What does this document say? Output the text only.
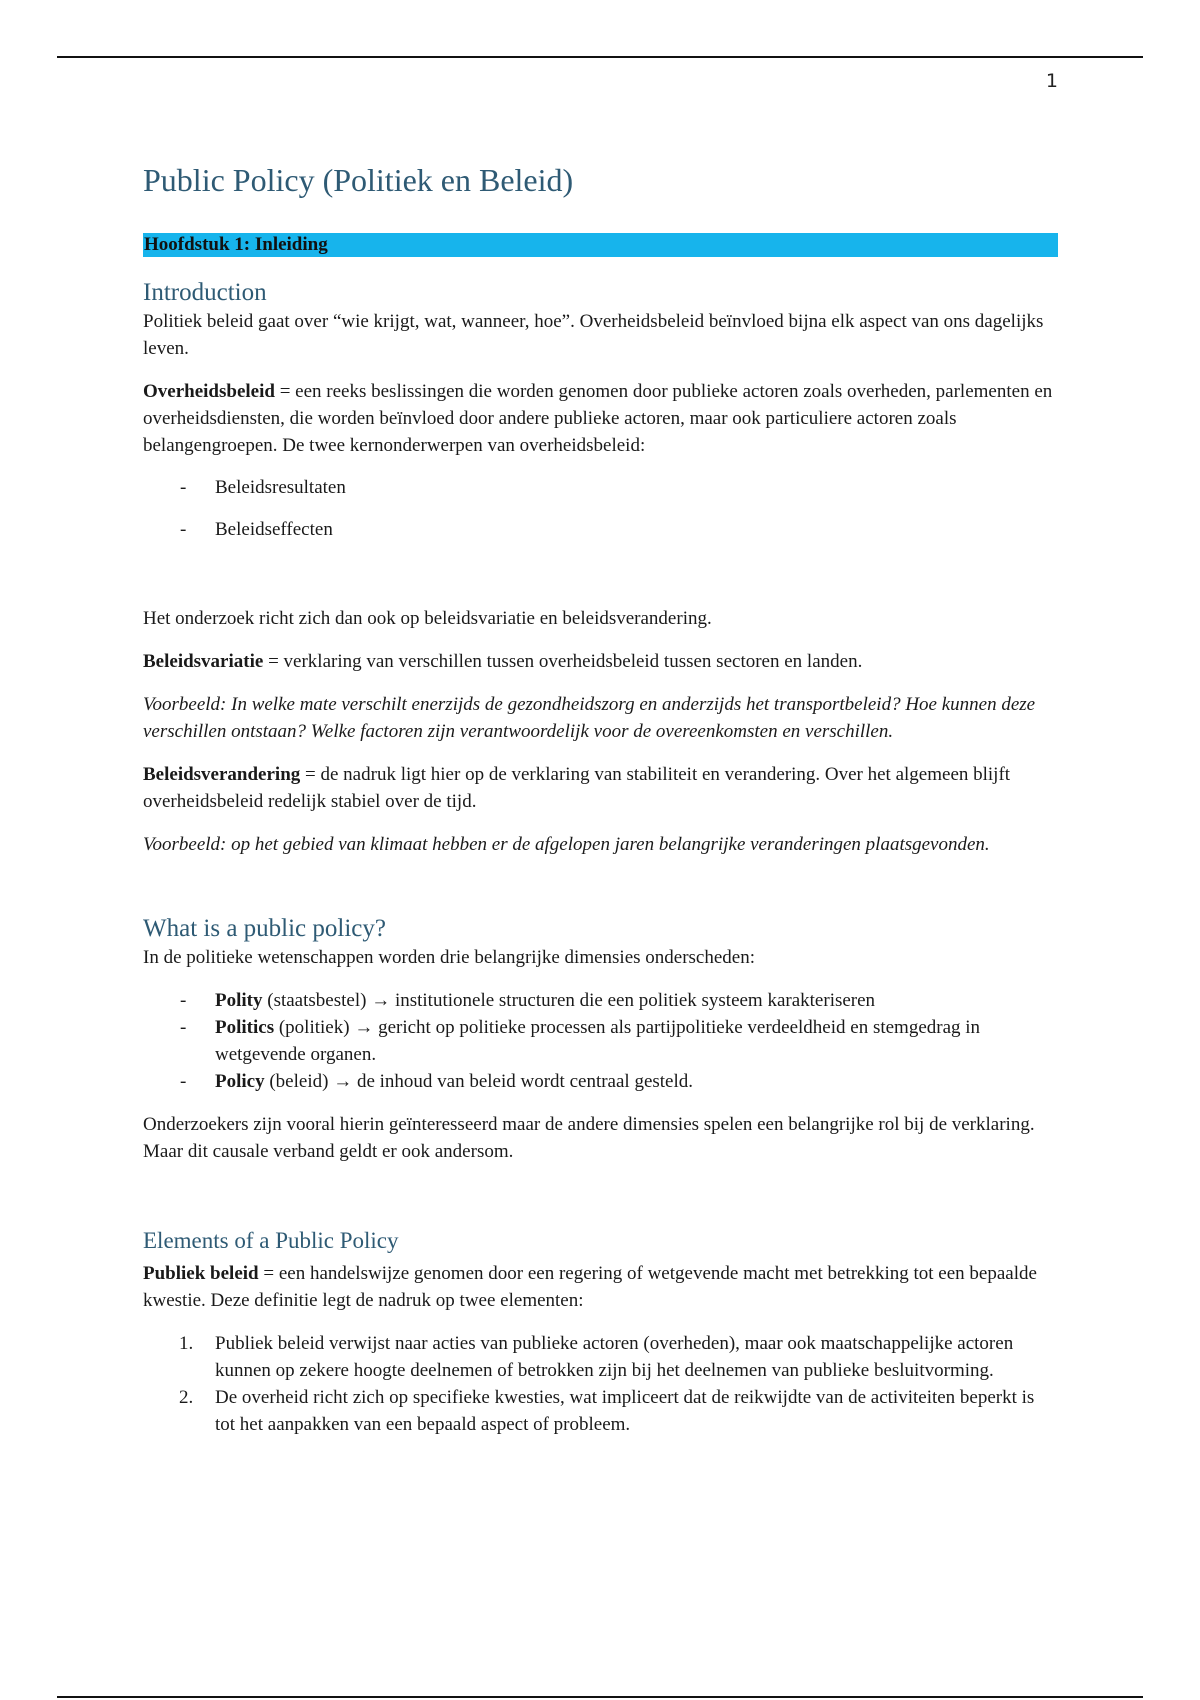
1
Public Policy (Politiek en Beleid)
Hoofdstuk 1: Inleiding
Introduction

Politiek beleid gaat over “wie krijgt, wat, wanneer, hoe”. Overheidsbeleid beïnvloed bijna elk aspect van ons dagelijks leven.

Overheidsbeleid = een reeks beslissingen die worden genomen door publieke actoren zoals overheden, parlementen en overheidsdiensten, die worden beïnvloed door andere publieke actoren, maar ook particuliere actoren zoals belangengroepen. De twee kernonderwerpen van overheidsbeleid:

- Beleidsresultaten
- Beleidseffecten

Het onderzoek richt zich dan ook op beleidsvariatie en beleidsverandering.

Beleidsvariatie = verklaring van verschillen tussen overheidsbeleid tussen sectoren en landen.

Voorbeeld: In welke mate verschilt enerzijds de gezondheidszorg en anderzijds het transportbeleid? Hoe kunnen deze verschillen ontstaan? Welke factoren zijn verantwoordelijk voor de overeenkomsten en verschillen.

Beleidsverandering = de nadruk ligt hier op de verklaring van stabiliteit en verandering. Over het algemeen blijft overheidsbeleid redelijk stabiel over de tijd.

Voorbeeld: op het gebied van klimaat hebben er de afgelopen jaren belangrijke veranderingen plaatsgevonden.

What is a public policy?

In de politieke wetenschappen worden drie belangrijke dimensies onderscheden:

- Polity (staatsbestel) → institutionele structuren die een politiek systeem karakteriseren
- Politics (politiek) → gericht op politieke processen als partijpolitieke verdeeldheid en stemgedrag in wetgevende organen.
- Policy (beleid) → de inhoud van beleid wordt centraal gesteld.

Onderzoekers zijn vooral hierin geïnteresseerd maar de andere dimensies spelen een belangrijke rol bij de verklaring. Maar dit causale verband geldt er ook andersom.

Elements of a Public Policy

Publiek beleid = een handelswijze genomen door een regering of wetgevende macht met betrekking tot een bepaalde kwestie. Deze definitie legt de nadruk op twee elementen:

1. Publiek beleid verwijst naar acties van publieke actoren (overheden), maar ook maatschappelijke actoren kunnen op zekere hoogte deelnemen of betrokken zijn bij het deelnemen van publieke besluitvorming.
2. De overheid richt zich op specifieke kwesties, wat impliceert dat de reikwijdte van de activiteiten beperkt is tot het aanpakken van een bepaald aspect of probleem.
